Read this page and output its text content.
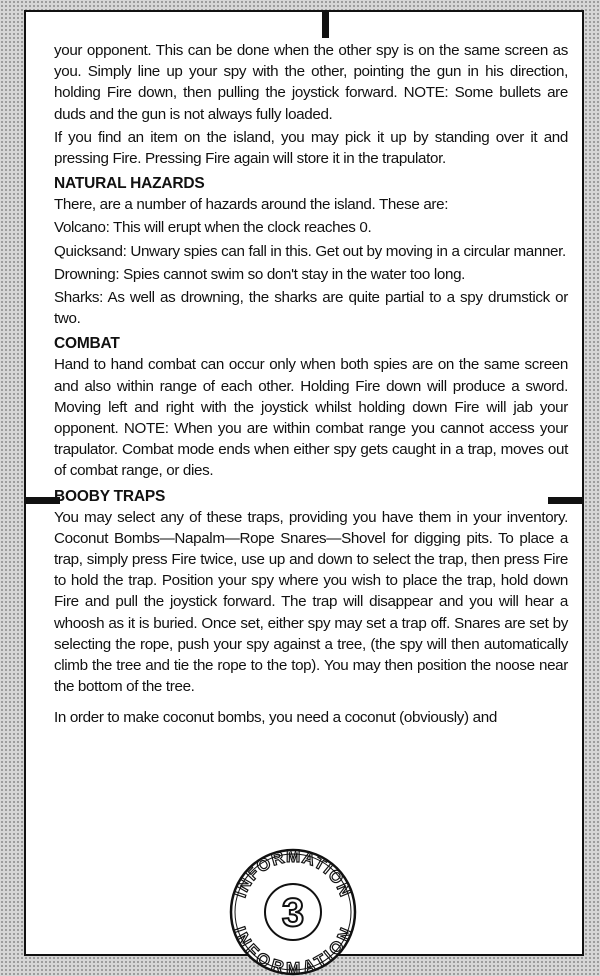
your opponent. This can be done when the other spy is on the same screen as you. Simply line up your spy with the other, pointing the gun in his direction, holding Fire down, then pulling the joystick forward. NOTE: Some bullets are duds and the gun is not always fully loaded.

If you find an item on the island, you may pick it up by standing over it and pressing Fire. Pressing Fire again will store it in the trapulator.

NATURAL HAZARDS

There, are a number of hazards around the island. These are:

Volcano: This will erupt when the clock reaches 0.

Quicksand: Unwary spies can fall in this. Get out by moving in a circular manner.

Drowning: Spies cannot swim so don't stay in the water too long.

Sharks: As well as drowning, the sharks are quite partial to a spy drumstick or two.

COMBAT

Hand to hand combat can occur only when both spies are on the same screen and also within range of each other. Holding Fire down will produce a sword. Moving left and right with the joystick whilst holding down Fire will jab your opponent. NOTE: When you are within combat range you cannot access your trapulator. Combat mode ends when either spy gets caught in a trap, moves out of combat range, or dies.

BOOBY TRAPS

You may select any of these traps, providing you have them in your inventory. Coconut Bombs—Napalm—Rope Snares—Shovel for digging pits. To place a trap, simply press Fire twice, use up and down to select the trap, then press Fire to hold the trap. Position your spy where you wish to place the trap, hold down Fire and pull the joystick forward. The trap will disappear and you will hear a whoosh as it is buried. Once set, either spy may set a trap off. Snares are set by selecting the rope, push your spy against a tree, (the spy will then automatically climb the tree and tie the rope to the top). You may then position the noose near the bottom of the tree.

In order to make coconut bombs, you need a coconut (obviously) and

INFORMATION
INFORMATION
3
